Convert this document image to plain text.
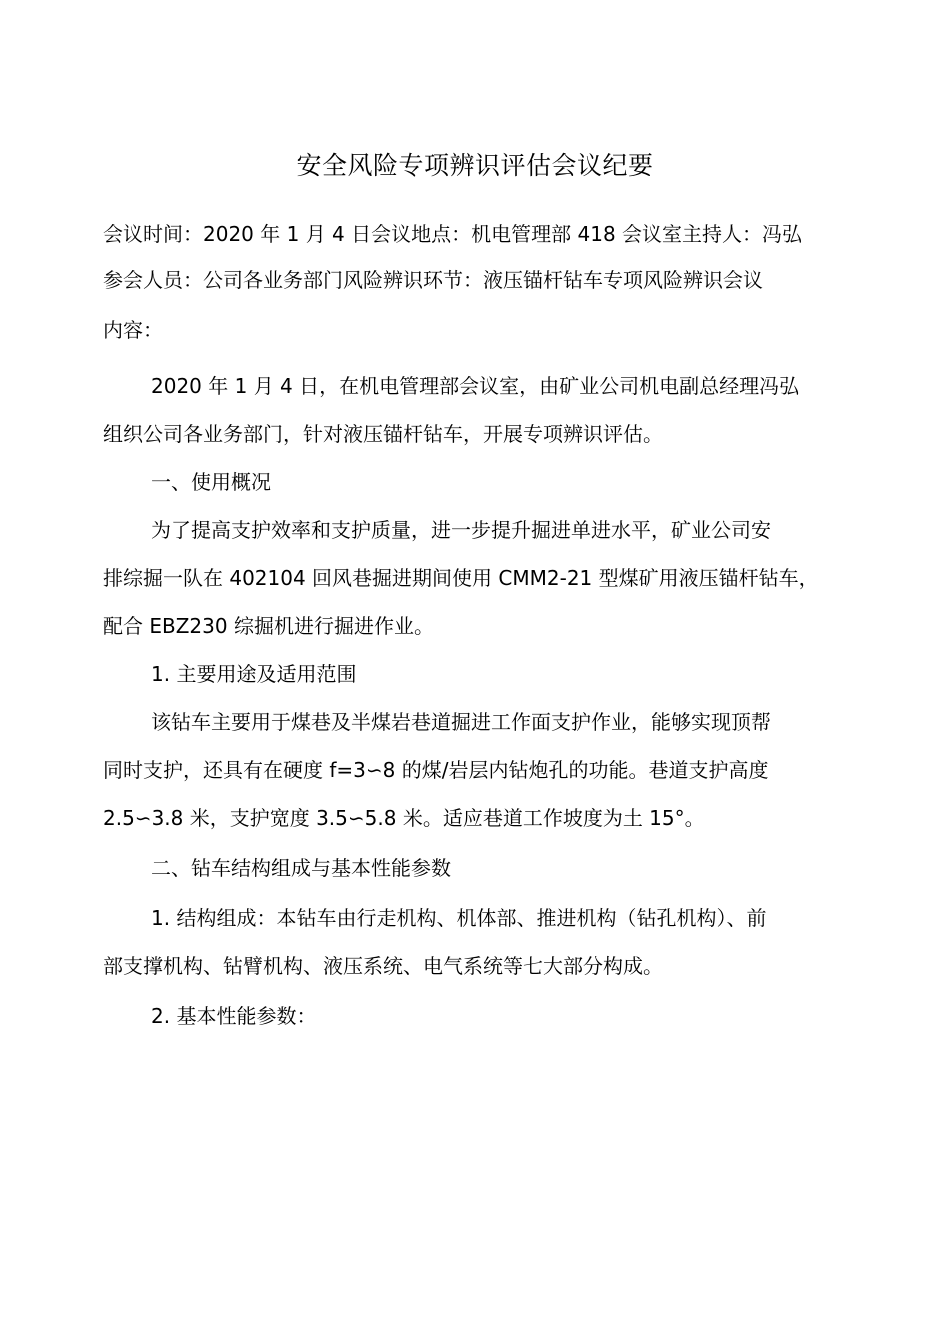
安全风险专项辨识评估会议纪要
会议时间：2020 年 1 月 4 日会议地点：机电管理部 418 会议室主持人：冯弘
参会人员：公司各业务部门风险辨识环节：液压锚杆钻车专项风险辨识会议
内容：
2020 年 1 月 4 日，在机电管理部会议室，由矿业公司机电副总经理冯弘
组织公司各业务部门，针对液压锚杆钻车，开展专项辨识评估。
一、使用概况
为了提高支护效率和支护质量，进一步提升掘进单进水平，矿业公司安
排综掘一队在 402104 回风巷掘进期间使用 CMM2-21 型煤矿用液压锚杆钻车，
配合 EBZ230 综掘机进行掘进作业。
1. 主要用途及适用范围
该钻车主要用于煤巷及半煤岩巷道掘进工作面支护作业，能够实现顶帮
同时支护，还具有在硬度 f=3∽8 的煤/岩层内钻炮孔的功能。巷道支护高度
2.5∽3.8 米，支护宽度 3.5∽5.8 米。适应巷道工作坡度为土 15°。
二、钻车结构组成与基本性能参数
1. 结构组成：本钻车由行走机构、机体部、推进机构（钻孔机构）、前
部支撑机构、钻臂机构、液压系统、电气系统等七大部分构成。
2. 基本性能参数：
